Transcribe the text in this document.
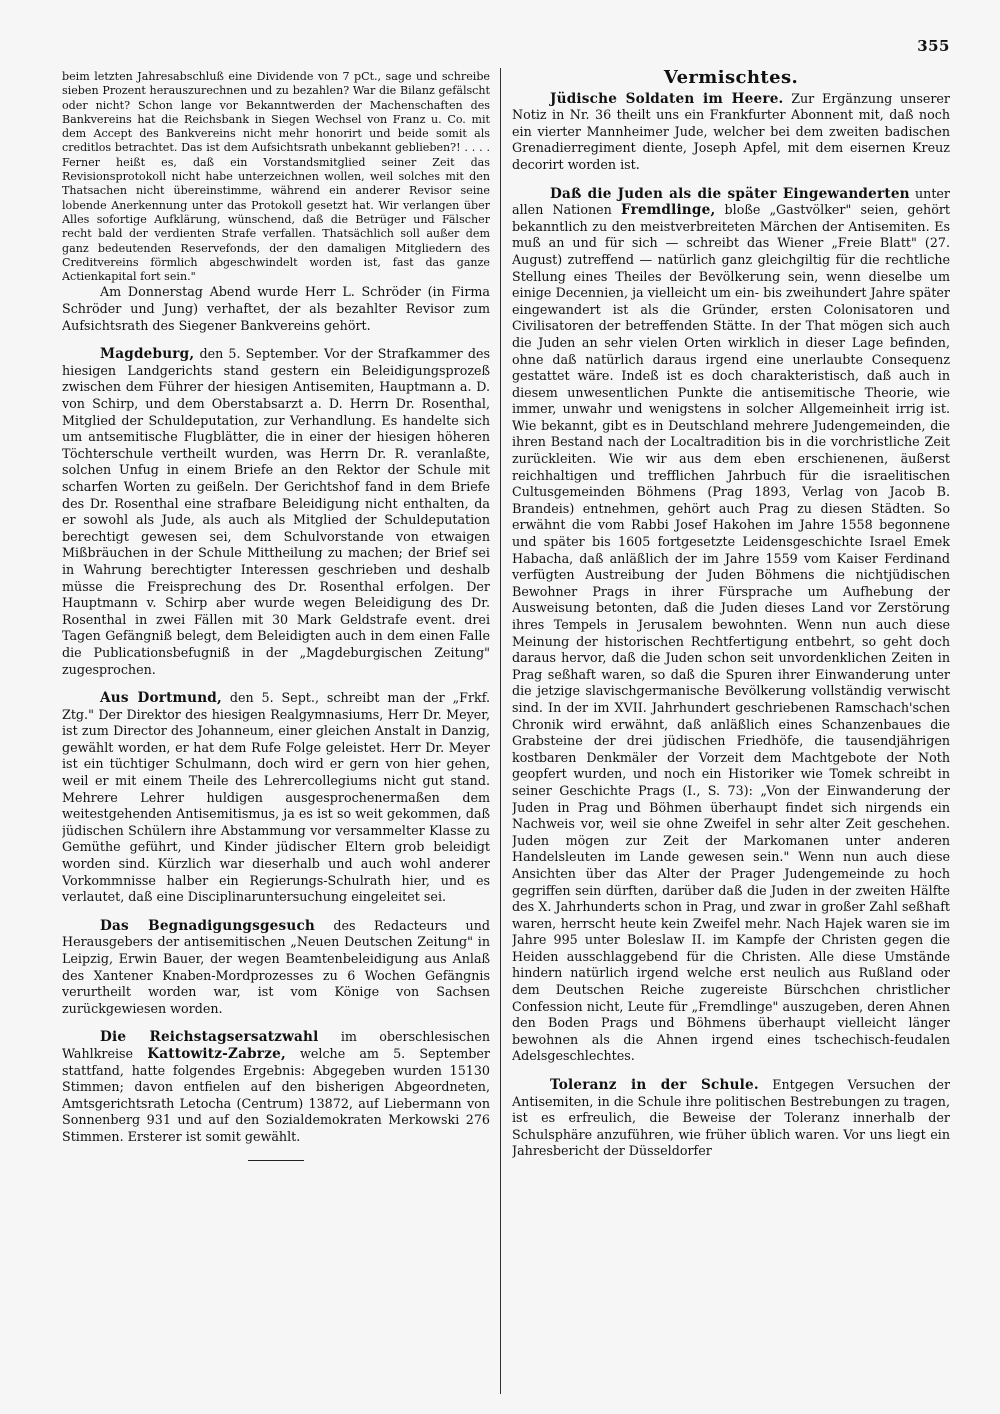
355

beim letzten Jahresabschluß eine Dividende von 7 pCt., sage und schreibe sieben Prozent herauszurechnen und zu bezahlen? War die Bilanz gefälscht oder nicht? Schon lange vor Bekanntwerden der Machenschaften des Bankvereins hat die Reichsbank in Siegen Wechsel von Franz u. Co. mit dem Accept des Bankvereins nicht mehr honorirt und beide somit als creditlos betrachtet. Das ist dem Aufsichtsrath unbekannt geblieben?! . . . . Ferner heißt es, daß ein Vorstandsmitglied seiner Zeit das Revisionsprotokoll nicht habe unterzeichnen wollen, weil solches mit den Thatsachen nicht übereinstimme, während ein anderer Revisor seine lobende Anerkennung unter das Protokoll gesetzt hat. Wir verlangen über Alles sofortige Aufklärung, wünschend, daß die Betrüger und Fälscher recht bald der verdienten Strafe verfallen. Thatsächlich soll außer dem ganz bedeutenden Reservefonds, der den damaligen Mitgliedern des Creditvereins förmlich abgeschwindelt worden ist, fast das ganze Actienkapital fort sein."

Am Donnerstag Abend wurde Herr L. Schröder (in Firma Schröder und Jung) verhaftet, der als bezahlter Revisor zum Aufsichtsrath des Siegener Bankvereins gehört.

Magdeburg, den 5. September. Vor der Strafkammer des hiesigen Landgerichts stand gestern ein Beleidigungsprozeß zwischen dem Führer der hiesigen Antisemiten, Hauptmann a. D. von Schirp, und dem Oberstabsarzt a. D. Herrn Dr. Rosenthal, Mitglied der Schuldeputation, zur Verhandlung. Es handelte sich um antsemitische Flugblätter, die in einer der hiesigen höheren Töchterschule vertheilt wurden, was Herrn Dr. R. veranlaßte, solchen Unfug in einem Briefe an den Rektor der Schule mit scharfen Worten zu geißeln. Der Gerichtshof fand in dem Briefe des Dr. Rosenthal eine strafbare Beleidigung nicht enthalten, da er sowohl als Jude, als auch als Mitglied der Schuldeputation berechtigt gewesen sei, dem Schulvorstande von etwaigen Mißbräuchen in der Schule Mittheilung zu machen; der Brief sei in Wahrung berechtigter Interessen geschrieben und deshalb müsse die Freisprechung des Dr. Rosenthal erfolgen. Der Hauptmann v. Schirp aber wurde wegen Beleidigung des Dr. Rosenthal in zwei Fällen mit 30 Mark Geldstrafe event. drei Tagen Gefängniß belegt, dem Beleidigten auch in dem einen Falle die Publicationsbefugniß in der „Magdeburgischen Zeitung" zugesprochen.

Aus Dortmund, den 5. Sept., schreibt man der „Frkf. Ztg." Der Direktor des hiesigen Realgymnasiums, Herr Dr. Meyer, ist zum Director des Johanneum, einer gleichen Anstalt in Danzig, gewählt worden, er hat dem Rufe Folge geleistet. Herr Dr. Meyer ist ein tüchtiger Schulmann, doch wird er gern von hier gehen, weil er mit einem Theile des Lehrercollegiums nicht gut stand. Mehrere Lehrer huldigen ausgesprochenermaßen dem weitestgehenden Antisemitismus, ja es ist so weit gekommen, daß jüdischen Schülern ihre Abstammung vor versammelter Klasse zu Gemüthe geführt, und Kinder jüdischer Eltern grob beleidigt worden sind. Kürzlich war dieserhalb und auch wohl anderer Vorkommnisse halber ein Regierungs-Schulrath hier, und es verlautet, daß eine Disciplinaruntersuchung eingeleitet sei.

Das Begnadigungsgesuch des Redacteurs und Herausgebers der antisemitischen „Neuen Deutschen Zeitung" in Leipzig, Erwin Bauer, der wegen Beamtenbeleidigung aus Anlaß des Xantener Knaben-Mordprozesses zu 6 Wochen Gefängnis verurtheilt worden war, ist vom Könige von Sachsen zurückgewiesen worden.

Die Reichstagsersatzwahl im oberschlesischen Wahlkreise Kattowitz-Zabrze, welche am 5. September stattfand, hatte folgendes Ergebnis: Abgegeben wurden 15130 Stimmen; davon entfielen auf den bisherigen Abgeordneten, Amtsgerichtsrath Letocha (Centrum) 13872, auf Liebermann von Sonnenberg 931 und auf den Sozialdemokraten Merkowski 276 Stimmen. Ersterer ist somit gewählt.

Vermischtes.

Jüdische Soldaten im Heere. Zur Ergänzung unserer Notiz in Nr. 36 theilt uns ein Frankfurter Abonnent mit, daß noch ein vierter Mannheimer Jude, welcher bei dem zweiten badischen Grenadierregiment diente, Joseph Apfel, mit dem eisernen Kreuz decorirt worden ist.

Daß die Juden als die später Eingewanderten unter allen Nationen Fremdlinge, bloße „Gastvölker" seien, gehört bekanntlich zu den meistverbreiteten Märchen der Antisemiten. Es muß an und für sich — schreibt das Wiener „Freie Blatt" (27. August) zutreffend — natürlich ganz gleichgiltig für die rechtliche Stellung eines Theiles der Bevölkerung sein, wenn dieselbe um einige Decennien, ja vielleicht um ein- bis zweihundert Jahre später eingewandert ist als die Gründer, ersten Colonisatoren und Civilisatoren der betreffenden Stätte. In der That mögen sich auch die Juden an sehr vielen Orten wirklich in dieser Lage befinden, ohne daß natürlich daraus irgend eine unerlaubte Consequenz gestattet wäre. Indeß ist es doch charakteristisch, daß auch in diesem unwesentlichen Punkte die antisemitische Theorie, wie immer, unwahr und wenigstens in solcher Allgemeinheit irrig ist. Wie bekannt, gibt es in Deutschland mehrere Judengemeinden, die ihren Bestand nach der Localtradition bis in die vorchristliche Zeit zurückleiten. Wie wir aus dem eben erschienenen, äußerst reichhaltigen und trefflichen Jahrbuch für die israelitischen Cultusgemeinden Böhmens (Prag 1893, Verlag von Jacob B. Brandeis) entnehmen, gehört auch Prag zu diesen Städten. So erwähnt die vom Rabbi Josef Hakohen im Jahre 1558 begonnene und später bis 1605 fortgesetzte Leidensgeschichte Israel Emek Habacha, daß anläßlich der im Jahre 1559 vom Kaiser Ferdinand verfügten Austreibung der Juden Böhmens die nichtjüdischen Bewohner Prags in ihrer Fürsprache um Aufhebung der Ausweisung betonten, daß die Juden dieses Land vor Zerstörung ihres Tempels in Jerusalem bewohnten. Wenn nun auch diese Meinung der historischen Rechtfertigung entbehrt, so geht doch daraus hervor, daß die Juden schon seit unvordenklichen Zeiten in Prag seßhaft waren, so daß die Spuren ihrer Einwanderung unter die jetzige slavischgermanische Bevölkerung vollständig verwischt sind. In der im XVII. Jahrhundert geschriebenen Ramschach'schen Chronik wird erwähnt, daß anläßlich eines Schanzenbaues die Grabsteine der drei jüdischen Friedhöfe, die tausendjährigen kostbaren Denkmäler der Vorzeit dem Machtgebote der Noth geopfert wurden, und noch ein Historiker wie Tomek schreibt in seiner Geschichte Prags (I., S. 73): „Von der Einwanderung der Juden in Prag und Böhmen überhaupt findet sich nirgends ein Nachweis vor, weil sie ohne Zweifel in sehr alter Zeit geschehen. Juden mögen zur Zeit der Markomanen unter anderen Handelsleuten im Lande gewesen sein." Wenn nun auch diese Ansichten über das Alter der Prager Judengemeinde zu hoch gegriffen sein dürften, darüber daß die Juden in der zweiten Hälfte des X. Jahrhunderts schon in Prag, und zwar in großer Zahl seßhaft waren, herrscht heute kein Zweifel mehr. Nach Hajek waren sie im Jahre 995 unter Boleslaw II. im Kampfe der Christen gegen die Heiden ausschlaggebend für die Christen. Alle diese Umstände hindern natürlich irgend welche erst neulich aus Rußland oder dem Deutschen Reiche zugereiste Bürschchen christlicher Confession nicht, Leute für „Fremdlinge" auszugeben, deren Ahnen den Boden Prags und Böhmens überhaupt vielleicht länger bewohnen als die Ahnen irgend eines tschechisch-feudalen Adelsgeschlechtes.

Toleranz in der Schule. Entgegen Versuchen der Antisemiten, in die Schule ihre politischen Bestrebungen zu tragen, ist es erfreulich, die Beweise der Toleranz innerhalb der Schulsphäre anzuführen, wie früher üblich waren. Vor uns liegt ein Jahresbericht der Düsseldorfer
